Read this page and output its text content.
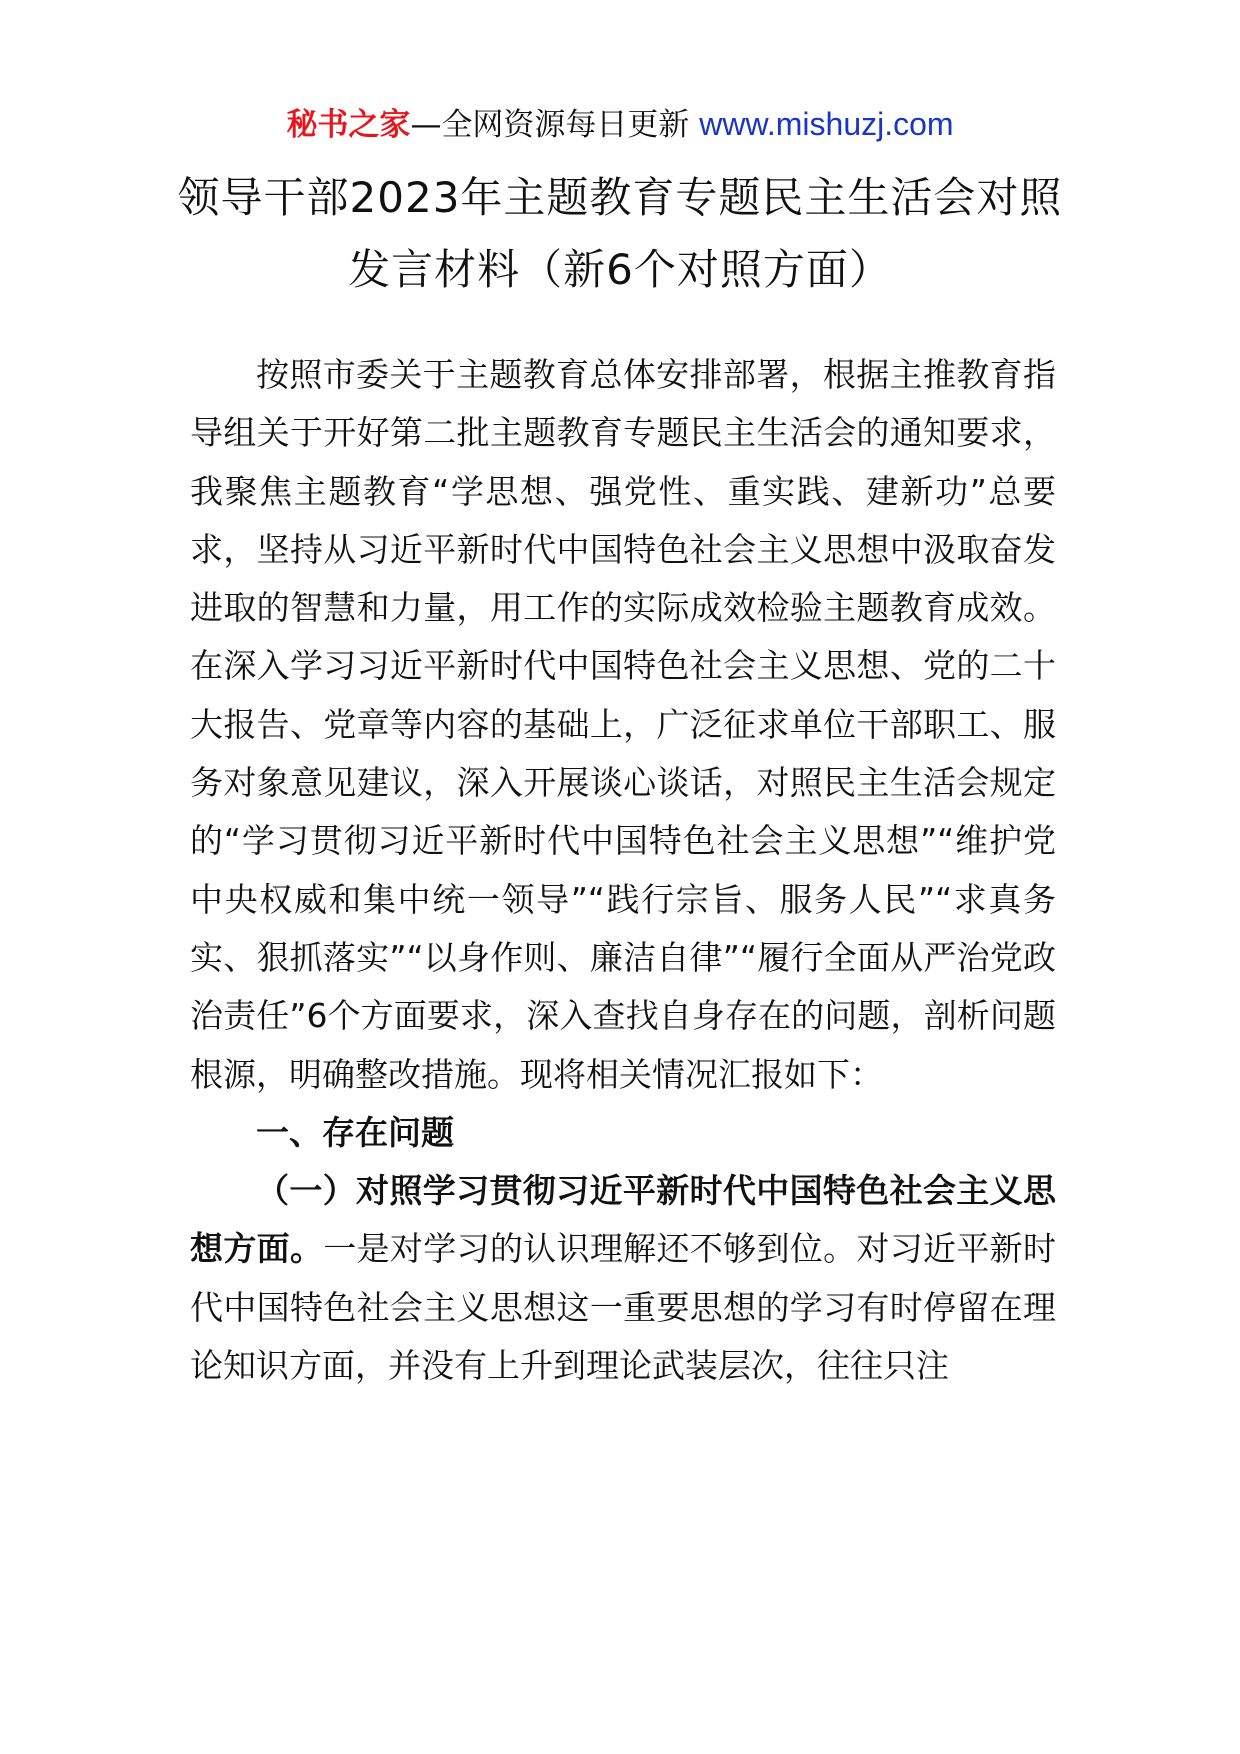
秘书之家—全网资源每日更新 www.mishuzj.com
领导干部2023年主题教育专题民主生活会对照
发言材料（新6个对照方面）

按照市委关于主题教育总体安排部署，根据主推教育指导组关于开好第二批主题教育专题民主生活会的通知要求，我聚焦主题教育“学思想、强党性、重实践、建新功”总要求，坚持从习近平新时代中国特色社会主义思想中汲取奋发进取的智慧和力量，用工作的实际成效检验主题教育成效。在深入学习习近平新时代中国特色社会主义思想、党的二十大报告、党章等内容的基础上，广泛征求单位干部职工、服务对象意见建议，深入开展谈心谈话，对照民主生活会规定的“学习贯彻习近平新时代中国特色社会主义思想”“维护党中央权威和集中统一领导”“践行宗旨、服务人民”“求真务实、狠抓落实”“以身作则、廉洁自律”“履行全面从严治党政治责任”6个方面要求，深入查找自身存在的问题，剖析问题根源，明确整改措施。现将相关情况汇报如下：

一、存在问题

（一）对照学习贯彻习近平新时代中国特色社会主义思想方面。一是对学习的认识理解还不够到位。对习近平新时代中国特色社会主义思想这一重要思想的学习有时停留在理论知识方面，并没有上升到理论武装层次，往往只注
